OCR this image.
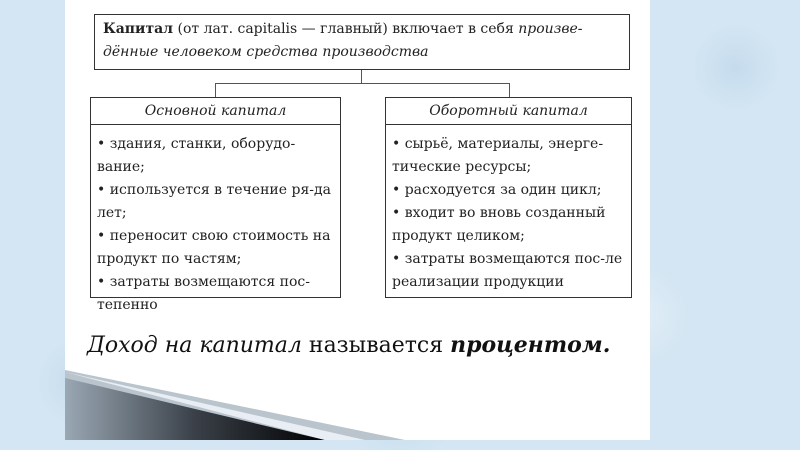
Капитал (от лат. capitalis — главный) включает в себя произве-дённые человеком средства производства
Основной капитал
• здания, станки, оборудо-вание;
• используется в течение ря-да лет;
• переносит свою стоимость на продукт по частям;
• затраты возмещаются пос-тепенно
Оборотный капитал
• сырьё, материалы, энерге-тические ресурсы;
• расходуется за один цикл;
• входит во вновь созданный продукт целиком;
• затраты возмещаются пос-ле реализации продукции
Доход на капитал называется процентом.
